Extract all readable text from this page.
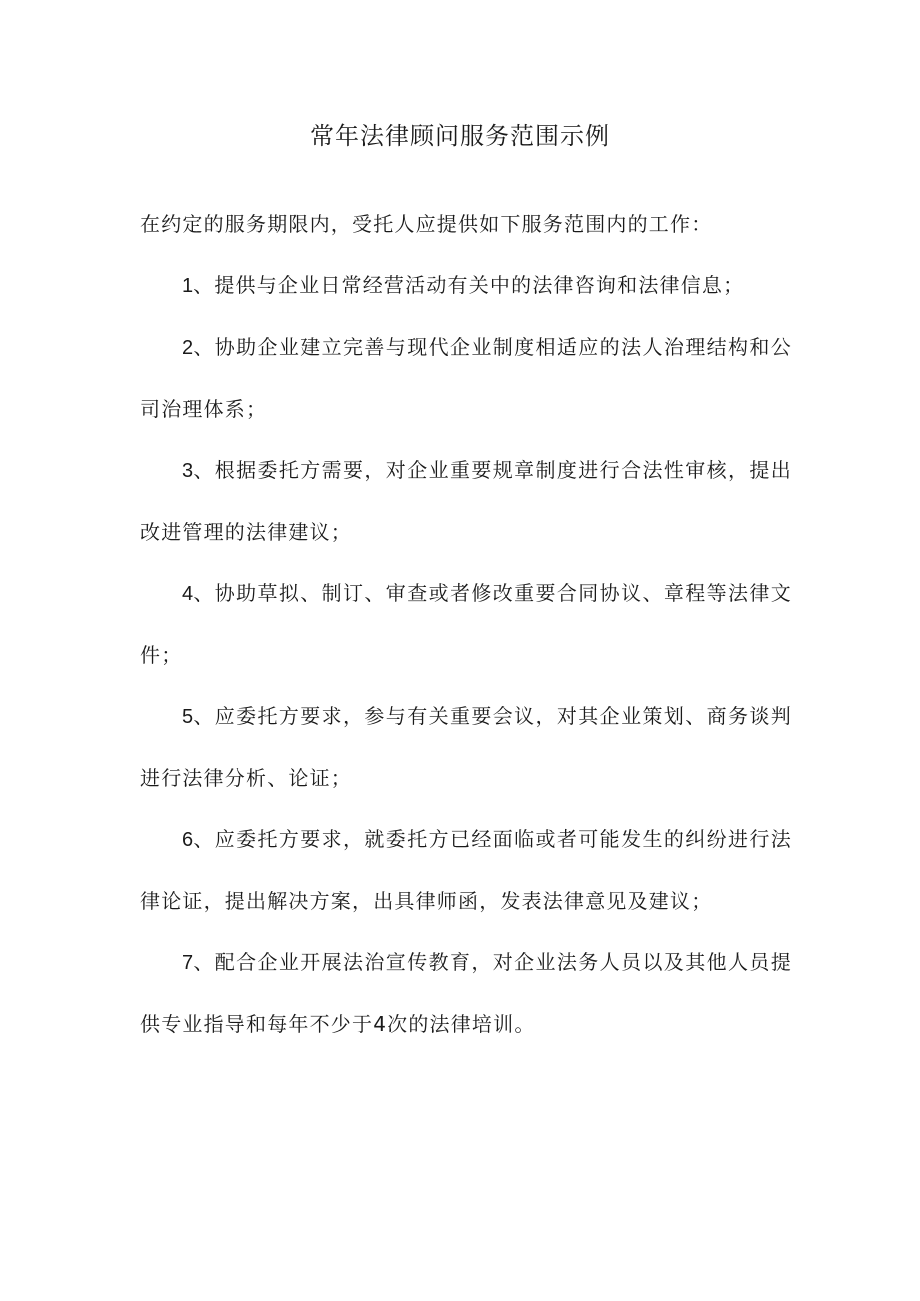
常年法律顾问服务范围示例

在约定的服务期限内，受托人应提供如下服务范围内的工作：

1、提供与企业日常经营活动有关中的法律咨询和法律信息；

2、协助企业建立完善与现代企业制度相适应的法人治理结构和公司治理体系；

3、根据委托方需要，对企业重要规章制度进行合法性审核，提出改进管理的法律建议；

4、协助草拟、制订、审查或者修改重要合同协议、章程等法律文件；

5、应委托方要求，参与有关重要会议，对其企业策划、商务谈判进行法律分析、论证；

6、应委托方要求，就委托方已经面临或者可能发生的纠纷进行法律论证，提出解决方案，出具律师函，发表法律意见及建议；

7、配合企业开展法治宣传教育，对企业法务人员以及其他人员提供专业指导和每年不少于4次的法律培训。
